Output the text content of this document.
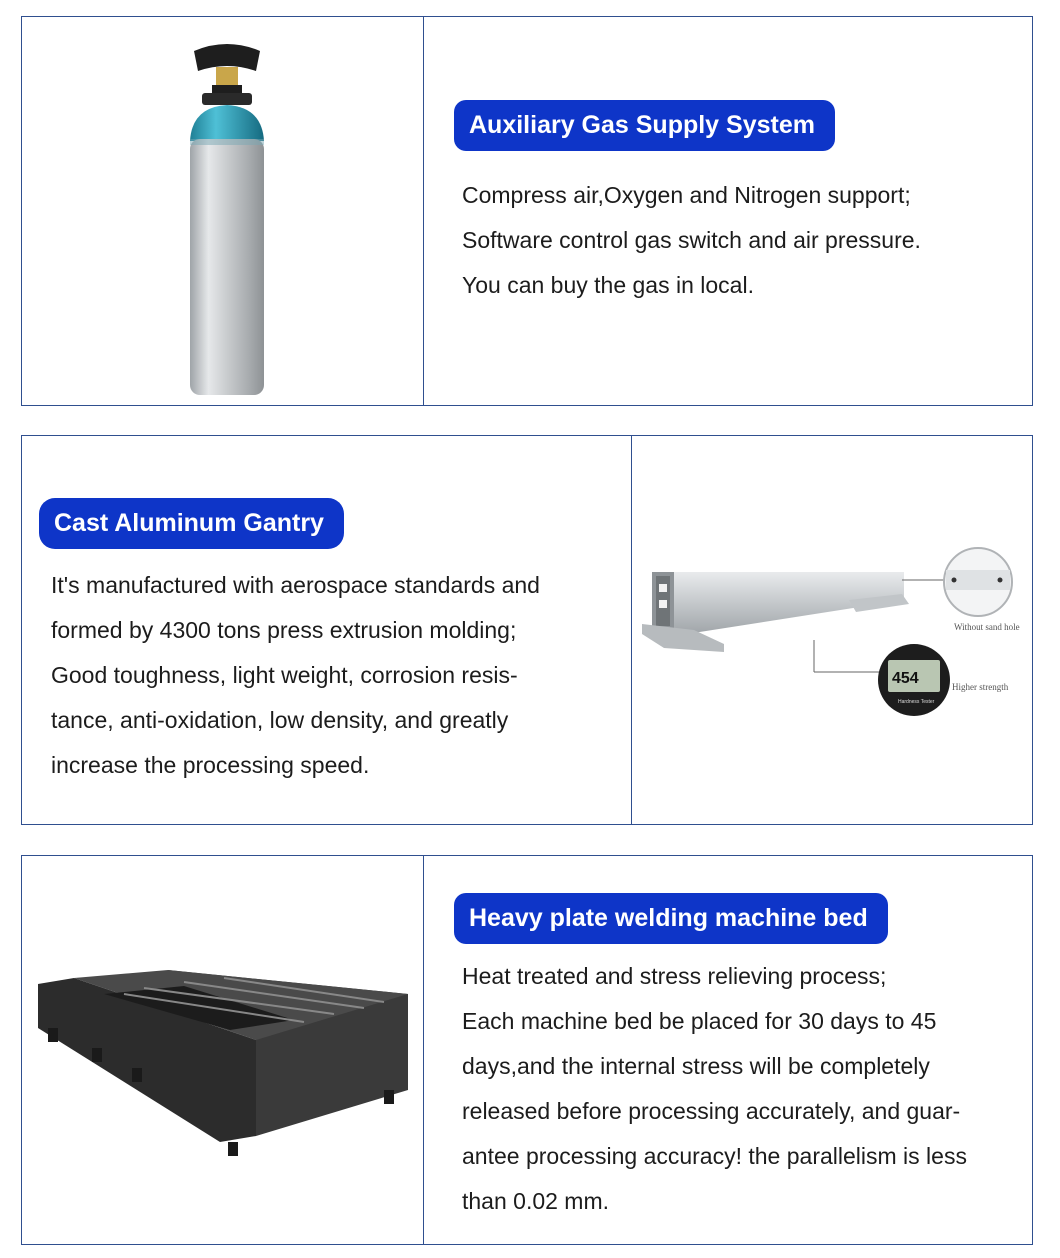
Auxiliary Gas Supply System

Compress air,Oxygen and Nitrogen support;

Software control gas switch and air pressure.

You can buy the gas in local.

Cast Aluminum Gantry

It's manufactured with aerospace standards and

formed by 4300 tons press extrusion molding;

Good toughness, light weight, corrosion resis-

tance, anti-oxidation, low density, and greatly

increase the processing speed.

454
Hardness Tester
Without sand hole
Higher strength
Heavy plate welding machine bed

Heat treated and stress relieving process;

Each machine bed be placed for 30 days to 45

days,and the internal stress will be completely

released before processing accurately, and guar-

antee processing accuracy! the parallelism is less

than 0.02 mm.
